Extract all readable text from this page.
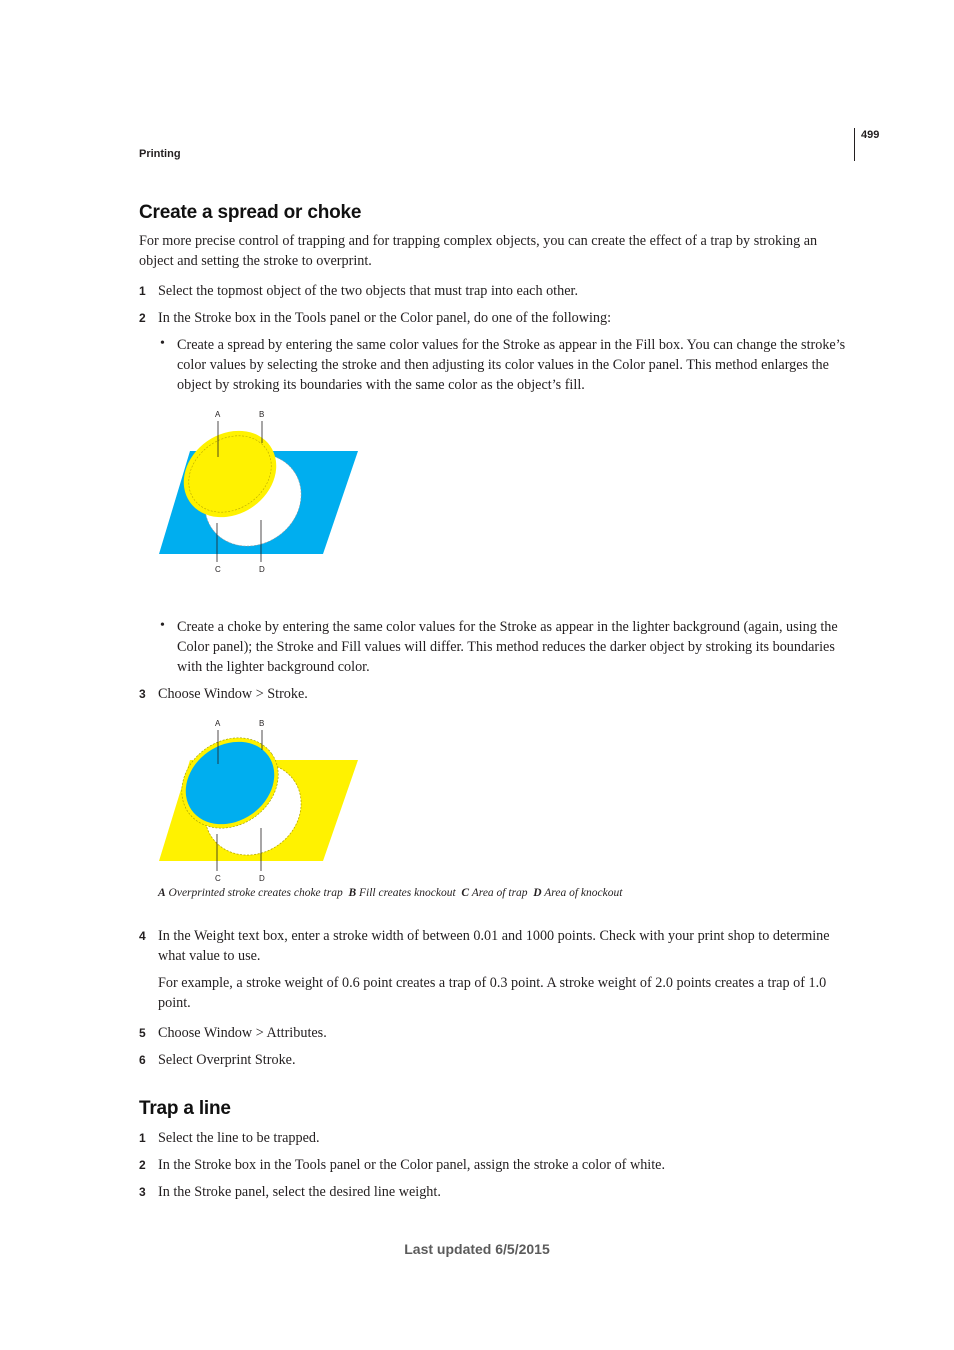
499
Printing
Create a spread or choke
For more precise control of trapping and for trapping complex objects, you can create the effect of a trap by stroking an object and setting the stroke to overprint.
1 Select the topmost object of the two objects that must trap into each other.
2 In the Stroke box in the Tools panel or the Color panel, do one of the following:
• Create a spread by entering the same color values for the Stroke as appear in the Fill box. You can change the stroke’s color values by selecting the stroke and then adjusting its color values in the Color panel. This method enlarges the object by stroking its boundaries with the same color as the object’s fill.
A	B
C	D
• Create a choke by entering the same color values for the Stroke as appear in the lighter background (again, using the Color panel); the Stroke and Fill values will differ. This method reduces the darker object by stroking its boundaries with the lighter background color.
3 Choose Window > Stroke.
A	B
C	D
A Overprinted stroke creates choke trap B Fill creates knockout C Area of trap D Area of knockout
4 In the Weight text box, enter a stroke width of between 0.01 and 1000 points. Check with your print shop to determine what value to use.
For example, a stroke weight of 0.6 point creates a trap of 0.3 point. A stroke weight of 2.0 points creates a trap of 1.0 point.
5 Choose Window > Attributes.
6 Select Overprint Stroke.
Trap a line
1 Select the line to be trapped.
2 In the Stroke box in the Tools panel or the Color panel, assign the stroke a color of white.
3 In the Stroke panel, select the desired line weight.
Last updated 6/5/2015
